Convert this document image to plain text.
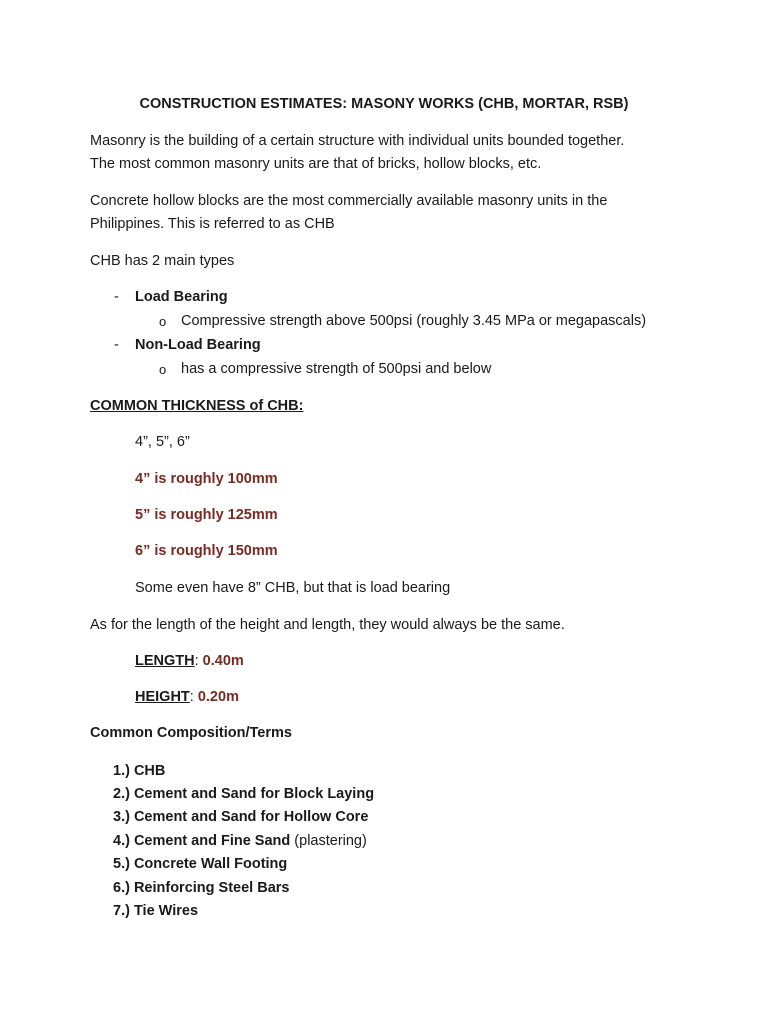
CONSTRUCTION ESTIMATES: MASONY WORKS (CHB, MORTAR, RSB)
Masonry is the building of a certain structure with individual units bounded together.
The most common masonry units are that of bricks, hollow blocks, etc.
Concrete hollow blocks are the most commercially available masonry units in the
Philippines. This is referred to as CHB
CHB has 2 main types
- Load Bearing
o Compressive strength above 500psi (roughly 3.45 MPa or megapascals)
- Non-Load Bearing
o has a compressive strength of 500psi and below
COMMON THICKNESS of CHB:
4”, 5”, 6”
4” is roughly 100mm
5” is roughly 125mm
6” is roughly 150mm
Some even have 8” CHB, but that is load bearing
As for the length of the height and length, they would always be the same.
LENGTH: 0.40m
HEIGHT: 0.20m
Common Composition/Terms
1.) CHB
2.) Cement and Sand for Block Laying
3.) Cement and Sand for Hollow Core
4.) Cement and Fine Sand (plastering)
5.) Concrete Wall Footing
6.) Reinforcing Steel Bars
7.) Tie Wires
